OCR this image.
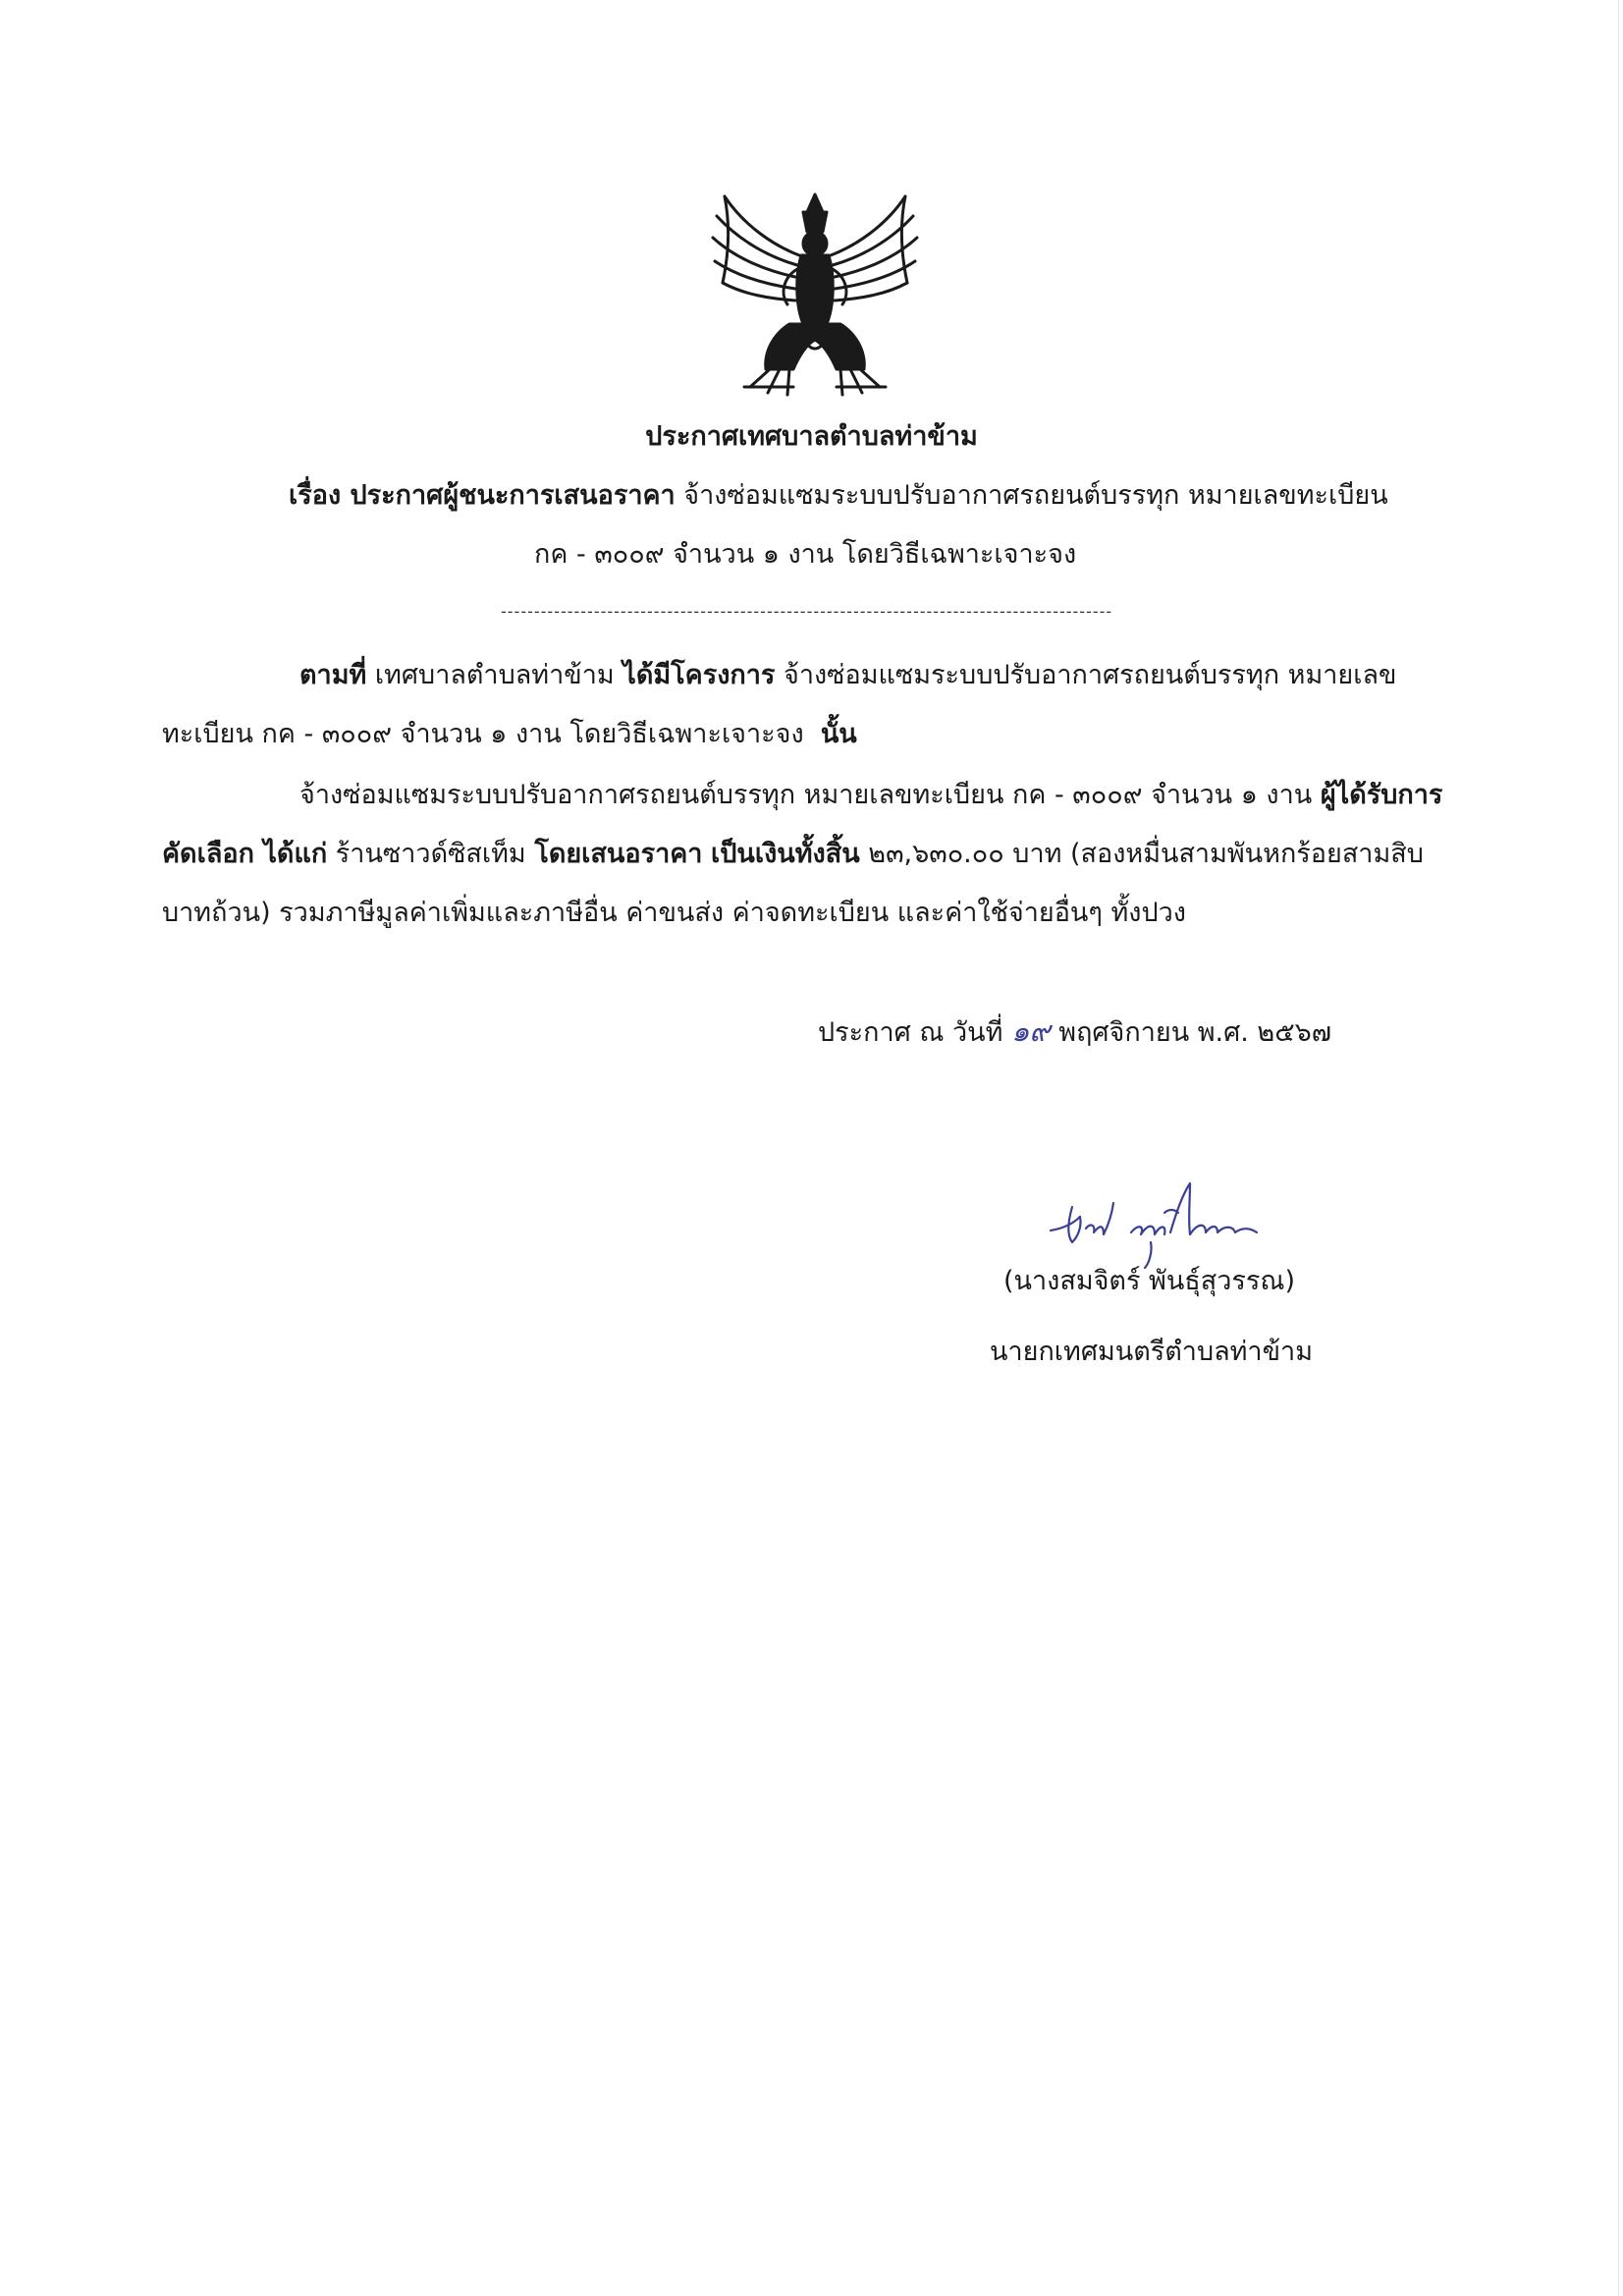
ประกาศเทศบาลตำบลท่าข้าม
เรื่อง ประกาศผู้ชนะการเสนอราคา จ้างซ่อมแซมระบบปรับอากาศรถยนต์บรรทุก หมายเลขทะเบียน
กค - ๓๐๐๙ จำนวน ๑ งาน โดยวิธีเฉพาะเจาะจง
--------------------------------------------------------------------------------------------
ตามที่ เทศบาลตำบลท่าข้าม ได้มีโครงการ จ้างซ่อมแซมระบบปรับอากาศรถยนต์บรรทุก หมายเลข
ทะเบียน กค - ๓๐๐๙ จำนวน ๑ งาน โดยวิธีเฉพาะเจาะจง นั้น
จ้างซ่อมแซมระบบปรับอากาศรถยนต์บรรทุก หมายเลขทะเบียน กค - ๓๐๐๙ จำนวน ๑ งาน ผู้ได้รับการ
คัดเลือก ได้แก่ ร้านซาวด์ซิสเท็ม โดยเสนอราคา เป็นเงินทั้งสิ้น ๒๓,๖๓๐.๐๐ บาท (สองหมื่นสามพันหกร้อยสามสิบ
บาทถ้วน) รวมภาษีมูลค่าเพิ่มและภาษีอื่น ค่าขนส่ง ค่าจดทะเบียน และค่าใช้จ่ายอื่นๆ ทั้งปวง
ประกาศ ณ วันที่ ๑๙ พฤศจิกายน พ.ศ. ๒๕๖๗
(นางสมจิตร์ พันธุ์สุวรรณ)
นายกเทศมนตรีตำบลท่าข้าม
